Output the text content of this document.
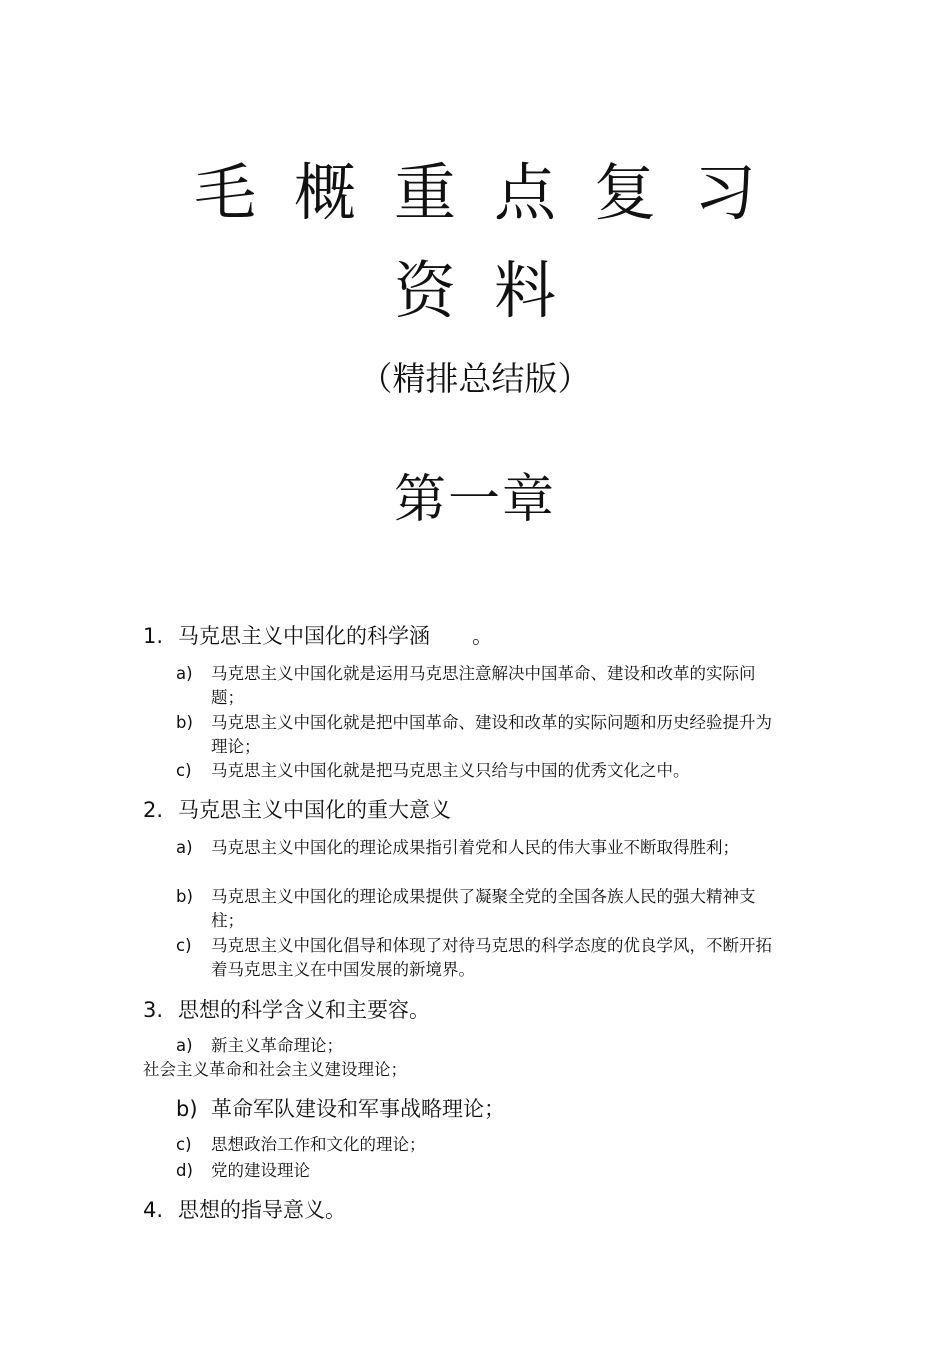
毛概重点复习
资料
（精排总结版）
第一章
1. 马克思主义中国化的科学涵 。
a)	马克思主义中国化就是运用马克思注意解决中国革命、建设和改革的实际问题；
b)	马克思主义中国化就是把中国革命、建设和改革的实际问题和历史经验提升为理论；
c)	马克思主义中国化就是把马克思主义只给与中国的优秀文化之中。
2. 马克思主义中国化的重大意义
a)	马克思主义中国化的理论成果指引着党和人民的伟大事业不断取得胜利；
b)	马克思主义中国化的理论成果提供了凝聚全党的全国各族人民的强大精神支柱；
c)	马克思主义中国化倡导和体现了对待马克思的科学态度的优良学风，不断开拓着马克思主义在中国发展的新境界。
3. 思想的科学含义和主要容。
a)	新主义革命理论；
社会主义革命和社会主义建设理论；
b) 革命军队建设和军事战略理论；
c)	思想政治工作和文化的理论；
d)	党的建设理论
4. 思想的指导意义。
